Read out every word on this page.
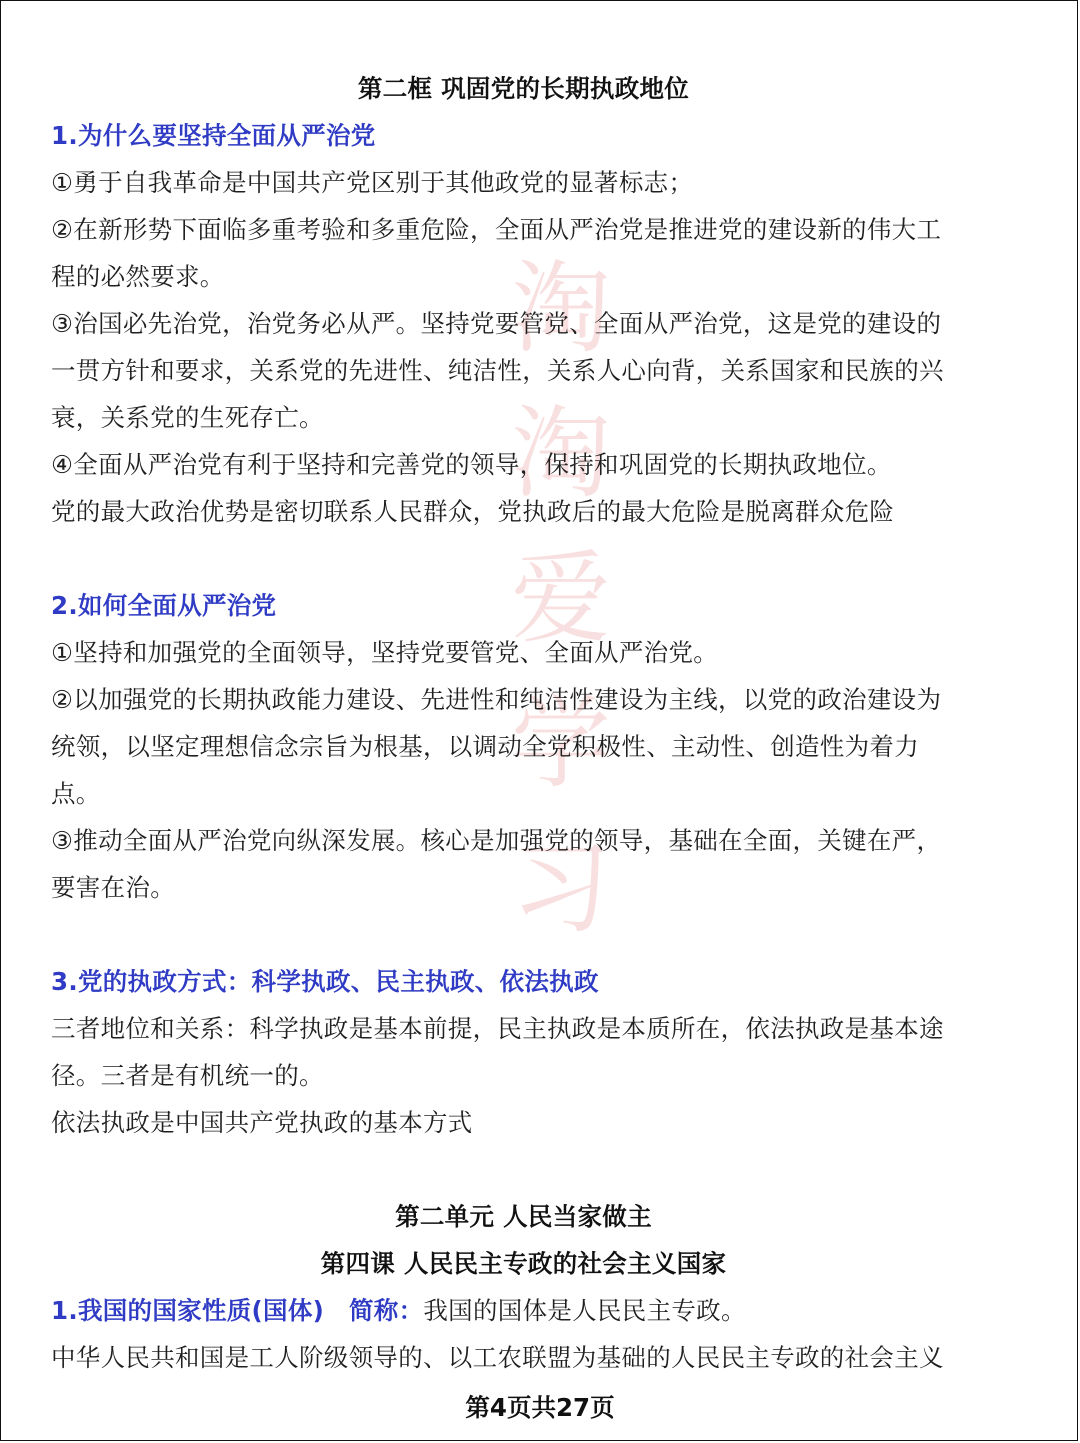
淘
淘
爱
学
习
第二框 巩固党的长期执政地位
1.为什么要坚持全面从严治党
①勇于自我革命是中国共产党区别于其他政党的显著标志；
②在新形势下面临多重考验和多重危险，全面从严治党是推进党的建设新的伟大工
程的必然要求。
③治国必先治党，治党务必从严。坚持党要管党、全面从严治党，这是党的建设的
一贯方针和要求，关系党的先进性、纯洁性，关系人心向背，关系国家和民族的兴
衰，关系党的生死存亡。
④全面从严治党有利于坚持和完善党的领导，保持和巩固党的长期执政地位。
党的最大政治优势是密切联系人民群众，党执政后的最大危险是脱离群众危险
2.如何全面从严治党
①坚持和加强党的全面领导，坚持党要管党、全面从严治党。
②以加强党的长期执政能力建设、先进性和纯洁性建设为主线，以党的政治建设为
统领，以坚定理想信念宗旨为根基，以调动全党积极性、主动性、创造性为着力
点。
③推动全面从严治党向纵深发展。核心是加强党的领导，基础在全面，关键在严，
要害在治。
3.党的执政方式：科学执政、民主执政、依法执政
三者地位和关系：科学执政是基本前提，民主执政是本质所在，依法执政是基本途
径。三者是有机统一的。
依法执政是中国共产党执政的基本方式
第二单元 人民当家做主
第四课 人民民主专政的社会主义国家
1.我国的国家性质(国体)　 简称：我国的国体是人民民主专政。
中华人民共和国是工人阶级领导的、以工农联盟为基础的人民民主专政的社会主义
第4页共27页
